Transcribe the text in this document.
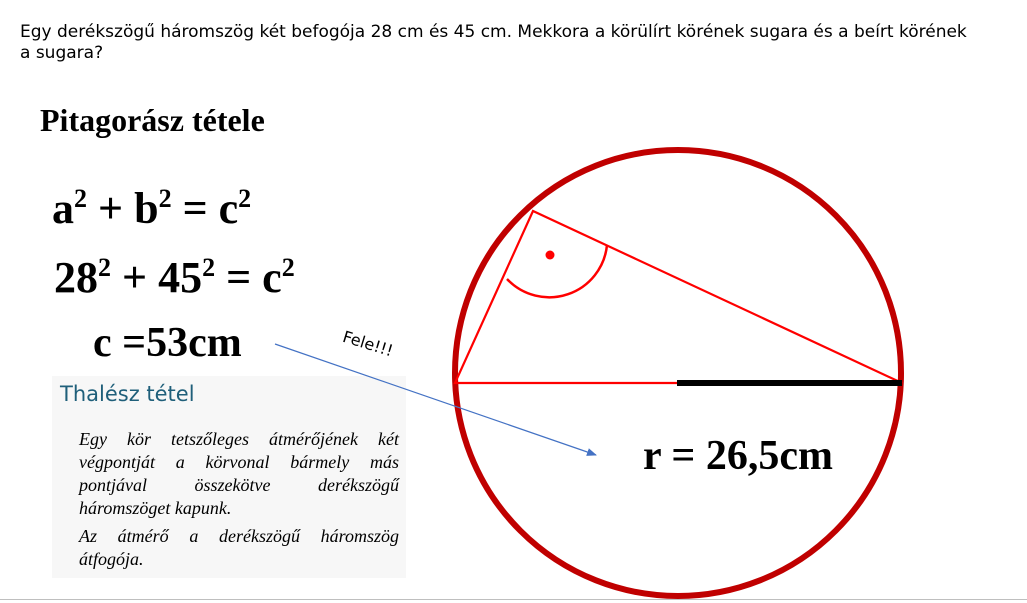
Egy derékszögű háromszög két befogója 28 cm és 45 cm. Mekkora a körülírt körének sugara és a beírt körének a sugara?
Pitagorász tétele
$a^2 + b^2 = c^2$
$28^2 + 45^2 = c^2$
c =53cm
Thalész tétel

Egy kör tetszőleges átmérőjének két végpontját a körvonal bármely más pontjával összekötve derékszögű háromszöget kapunk.

Az átmérő a derékszögű háromszög átfogója.

Fele!!!
r = 26,5cm
